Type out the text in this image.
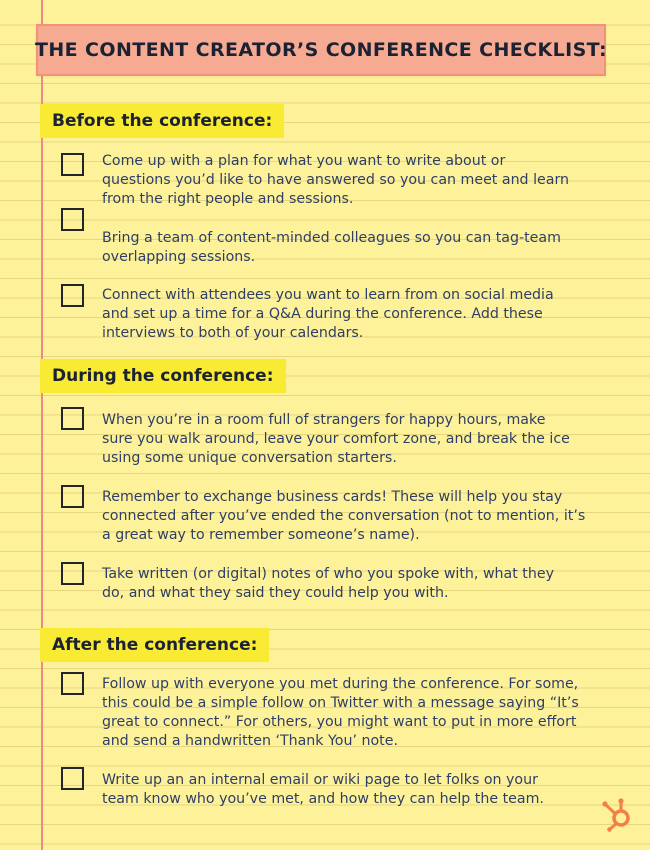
THE CONTENT CREATOR’S CONFERENCE CHECKLIST:
Before the conference:

Come up with a plan for what you want to write about or
questions you’d like to have answered so you can meet and learn
from the right people and sessions.

Bring a team of content-minded colleagues so you can tag-team
overlapping sessions.

Connect with attendees you want to learn from on social media
and set up a time for a Q&A during the conference. Add these
interviews to both of your calendars.

During the conference:

When you’re in a room full of strangers for happy hours, make
sure you walk around, leave your comfort zone, and break the ice
using some unique conversation starters.

Remember to exchange business cards! These will help you stay
connected after you’ve ended the conversation (not to mention, it’s
a great way to remember someone’s name).

Take written (or digital) notes of who you spoke with, what they
do, and what they said they could help you with.

After the conference:

Follow up with everyone you met during the conference. For some,
this could be a simple follow on Twitter with a message saying “It’s
great to connect.” For others, you might want to put in more effort
and send a handwritten ‘Thank You’ note.

Write up an an internal email or wiki page to let folks on your
team know who you’ve met, and how they can help the team.
